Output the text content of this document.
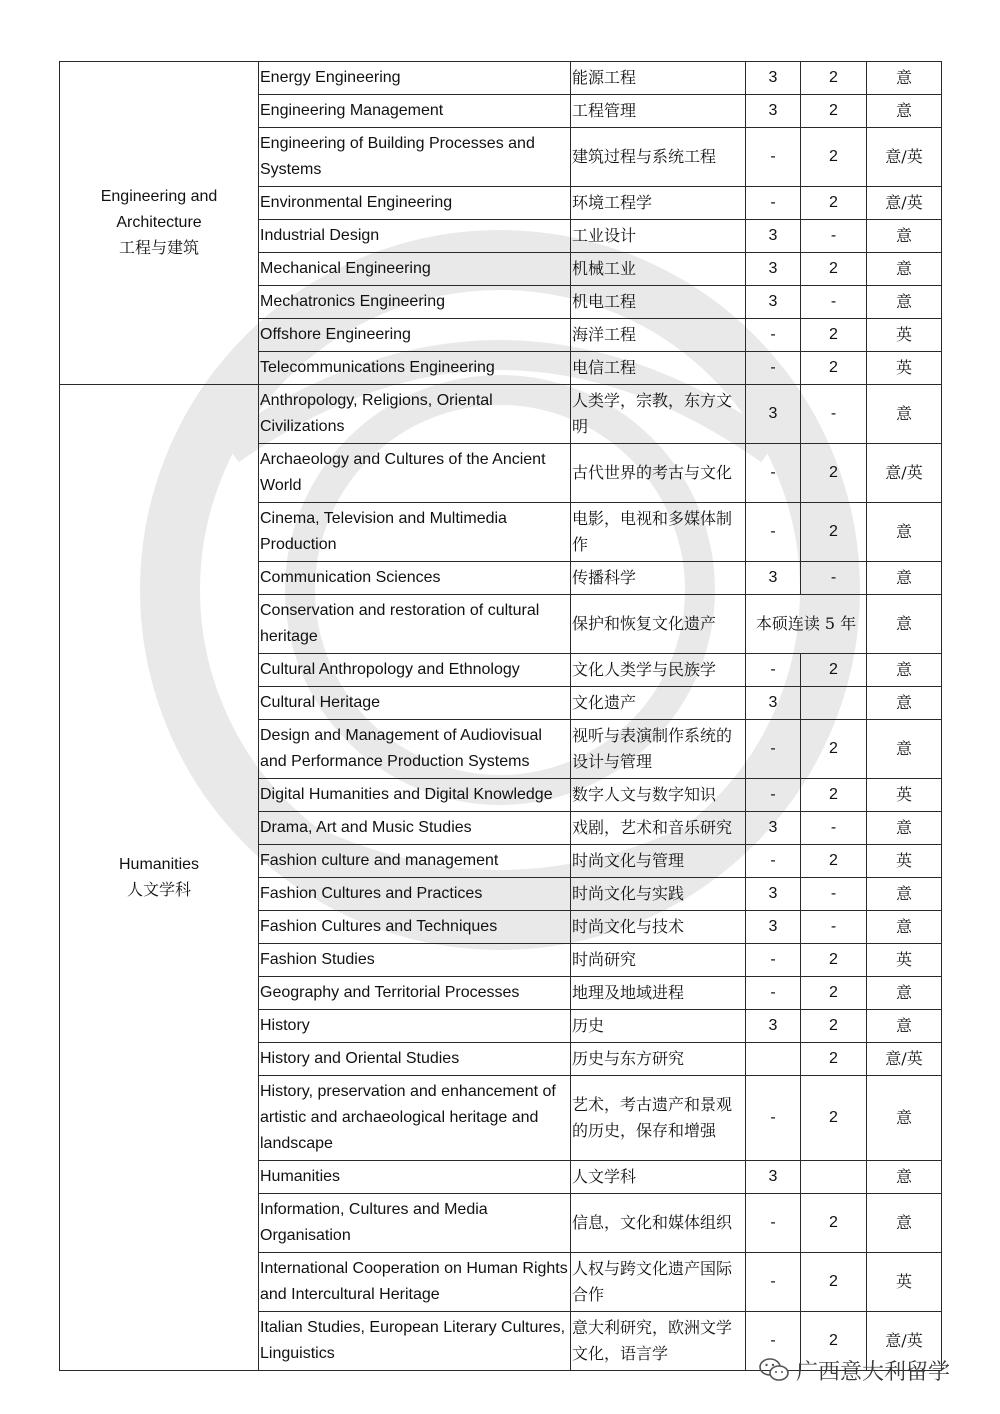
Engineering and Architecture
工程与建筑	Energy Engineering	能源工程	3	2	意
	Engineering Management	工程管理	3	2	意
	Engineering of Building Processes and Systems	建筑过程与系统工程	-	2	意/英
	Environmental Engineering	环境工程学	-	2	意/英
	Industrial Design	工业设计	3	-	意
	Mechanical Engineering	机械工业	3	2	意
	Mechatronics Engineering	机电工程	3	-	意
	Offshore Engineering	海洋工程	-	2	英
	Telecommunications Engineering	电信工程	-	2	英

Humanities
人文学科	Anthropology, Religions, Oriental Civilizations	人类学，宗教，东方文明	3	-	意
	Archaeology and Cultures of the Ancient World	古代世界的考古与文化	-	2	意/英
	Cinema, Television and Multimedia Production	电影，电视和多媒体制作	-	2	意
	Communication Sciences	传播科学	3	-	意
	Conservation and restoration of cultural heritage	保护和恢复文化遗产	本硕连读 5 年		意
	Cultural Anthropology and Ethnology	文化人类学与民族学	-	2	意
	Cultural Heritage	文化遗产	3		意
	Design and Management of Audiovisual and Performance Production Systems	视听与表演制作系统的设计与管理	-	2	意
	Digital Humanities and Digital Knowledge	数字人文与数字知识	-	2	英
	Drama, Art and Music Studies	戏剧，艺术和音乐研究	3	-	意
	Fashion culture and management	时尚文化与管理	-	2	英
	Fashion Cultures and Practices	时尚文化与实践	3	-	意
	Fashion Cultures and Techniques	时尚文化与技术	3	-	意
	Fashion Studies	时尚研究	-	2	英
	Geography and Territorial Processes	地理及地域进程	-	2	意
	History	历史	3	2	意
	History and Oriental Studies	历史与东方研究		2	意/英
	History, preservation and enhancement of artistic and archaeological heritage and landscape	艺术，考古遗产和景观的历史，保存和增强	-	2	意
	Humanities	人文学科	3		意
	Information, Cultures and Media Organisation	信息，文化和媒体组织	-	2	意
	International Cooperation on Human Rights and Intercultural Heritage	人权与跨文化遗产国际合作	-	2	英
	Italian Studies, European Literary Cultures, Linguistics	意大利研究，欧洲文学文化，语言学	-	2	意/英
广西意大利留学
